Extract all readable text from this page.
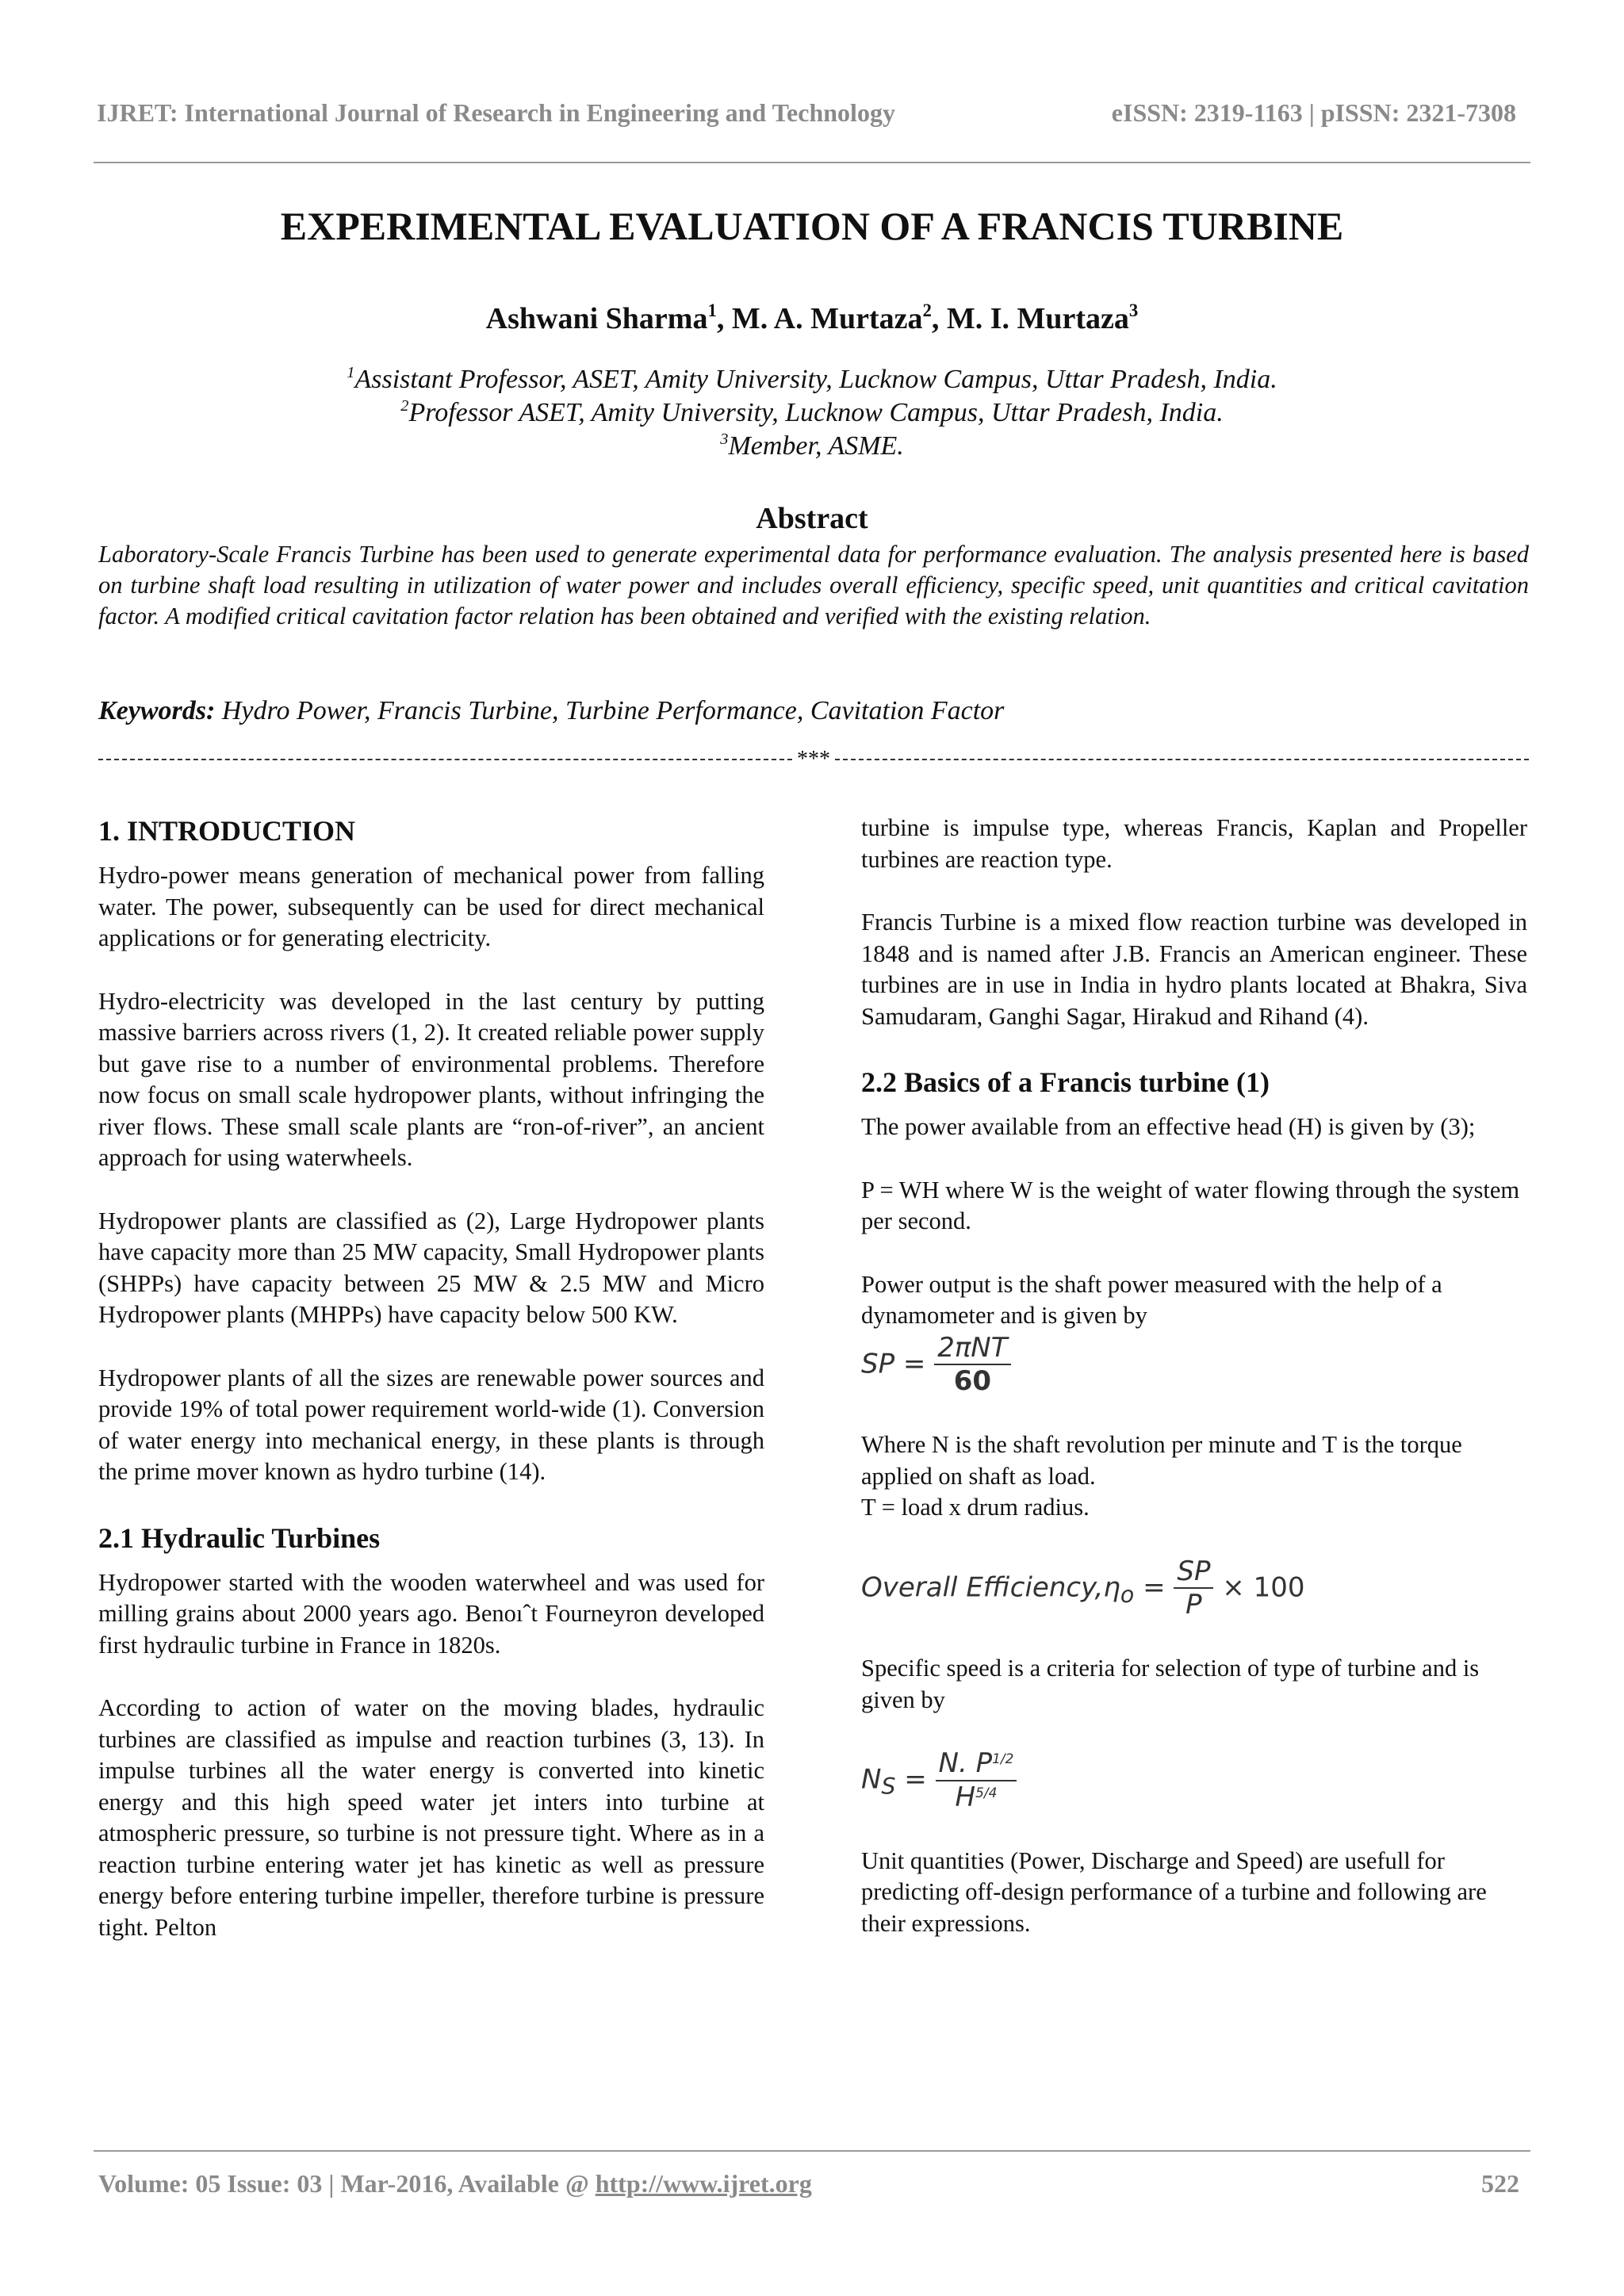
IJRET: International Journal of Research in Engineering and Technology	eISSN: 2319-1163 | pISSN: 2321-7308
EXPERIMENTAL EVALUATION OF A FRANCIS TURBINE
Ashwani Sharma$^1$, M. A. Murtaza$^2$, M. I. Murtaza$^3$
$^1$Assistant Professor, ASET, Amity University, Lucknow Campus, Uttar Pradesh, India.
$^2$Professor ASET, Amity University, Lucknow Campus, Uttar Pradesh, India.
$^3$Member, ASME.
Abstract
Laboratory-Scale Francis Turbine has been used to generate experimental data for performance evaluation. The analysis presented here is based on turbine shaft load resulting in utilization of water power and includes overall efficiency, specific speed, unit quantities and critical cavitation factor. A modified critical cavitation factor relation has been obtained and verified with the existing relation.
Keywords: Hydro Power, Francis Turbine, Turbine Performance, Cavitation Factor
***
1. INTRODUCTION

Hydro-power means generation of mechanical power from falling water. The power, subsequently can be used for direct mechanical applications or for generating electricity.

Hydro-electricity was developed in the last century by putting massive barriers across rivers (1, 2). It created reliable power supply but gave rise to a number of environmental problems. Therefore now focus on small scale hydropower plants, without infringing the river flows. These small scale plants are “ron-of-river”, an ancient approach for using waterwheels.

Hydropower plants are classified as (2), Large Hydropower plants have capacity more than 25 MW capacity, Small Hydropower plants (SHPPs) have capacity between 25 MW & 2.5 MW and Micro Hydropower plants (MHPPs) have capacity below 500 KW.

Hydropower plants of all the sizes are renewable power sources and provide 19% of total power requirement world-wide (1). Conversion of water energy into mechanical energy, in these plants is through the prime mover known as hydro turbine (14).

2.1 Hydraulic Turbines

Hydropower started with the wooden waterwheel and was used for milling grains about 2000 years ago. Benoıˆt Fourneyron developed first hydraulic turbine in France in 1820s.

According to action of water on the moving blades, hydraulic turbines are classified as impulse and reaction turbines (3, 13). In impulse turbines all the water energy is converted into kinetic energy and this high speed water jet inters into turbine at atmospheric pressure, so turbine is not pressure tight. Where as in a reaction turbine entering water jet has kinetic as well as pressure energy before entering turbine impeller, therefore turbine is pressure tight. Pelton

turbine is impulse type, whereas Francis, Kaplan and Propeller turbines are reaction type.

Francis Turbine is a mixed flow reaction turbine was developed in 1848 and is named after J.B. Francis an American engineer. These turbines are in use in India in hydro plants located at Bhakra, Siva Samudaram, Ganghi Sagar, Hirakud and Rihand (4).

2.2 Basics of a Francis turbine (1)

The power available from an effective head (H) is given by (3);

P = WH where W is the weight of water flowing through the system per second.

Power output is the shaft power measured with the help of a dynamometer and is given by

SP = $\frac{\text{2πNT}}{60}$

Where N is the shaft revolution per minute and T is the torque applied on shaft as load.

T = load x drum radius.

Overall $Efficiency,\eta_o = \frac{SP}{P} \times 100$

Specific speed is a criteria for selection of type of turbine and is given by

$N_S = \frac{N. P^{1/2}}{H^{5/4}}$

Unit quantities (Power, Discharge and Speed) are usefull for predicting off-design performance of a turbine and following are their expressions.

Volume: 05 Issue: 03 | Mar-2016, Available @ http://www.ijret.org	522
